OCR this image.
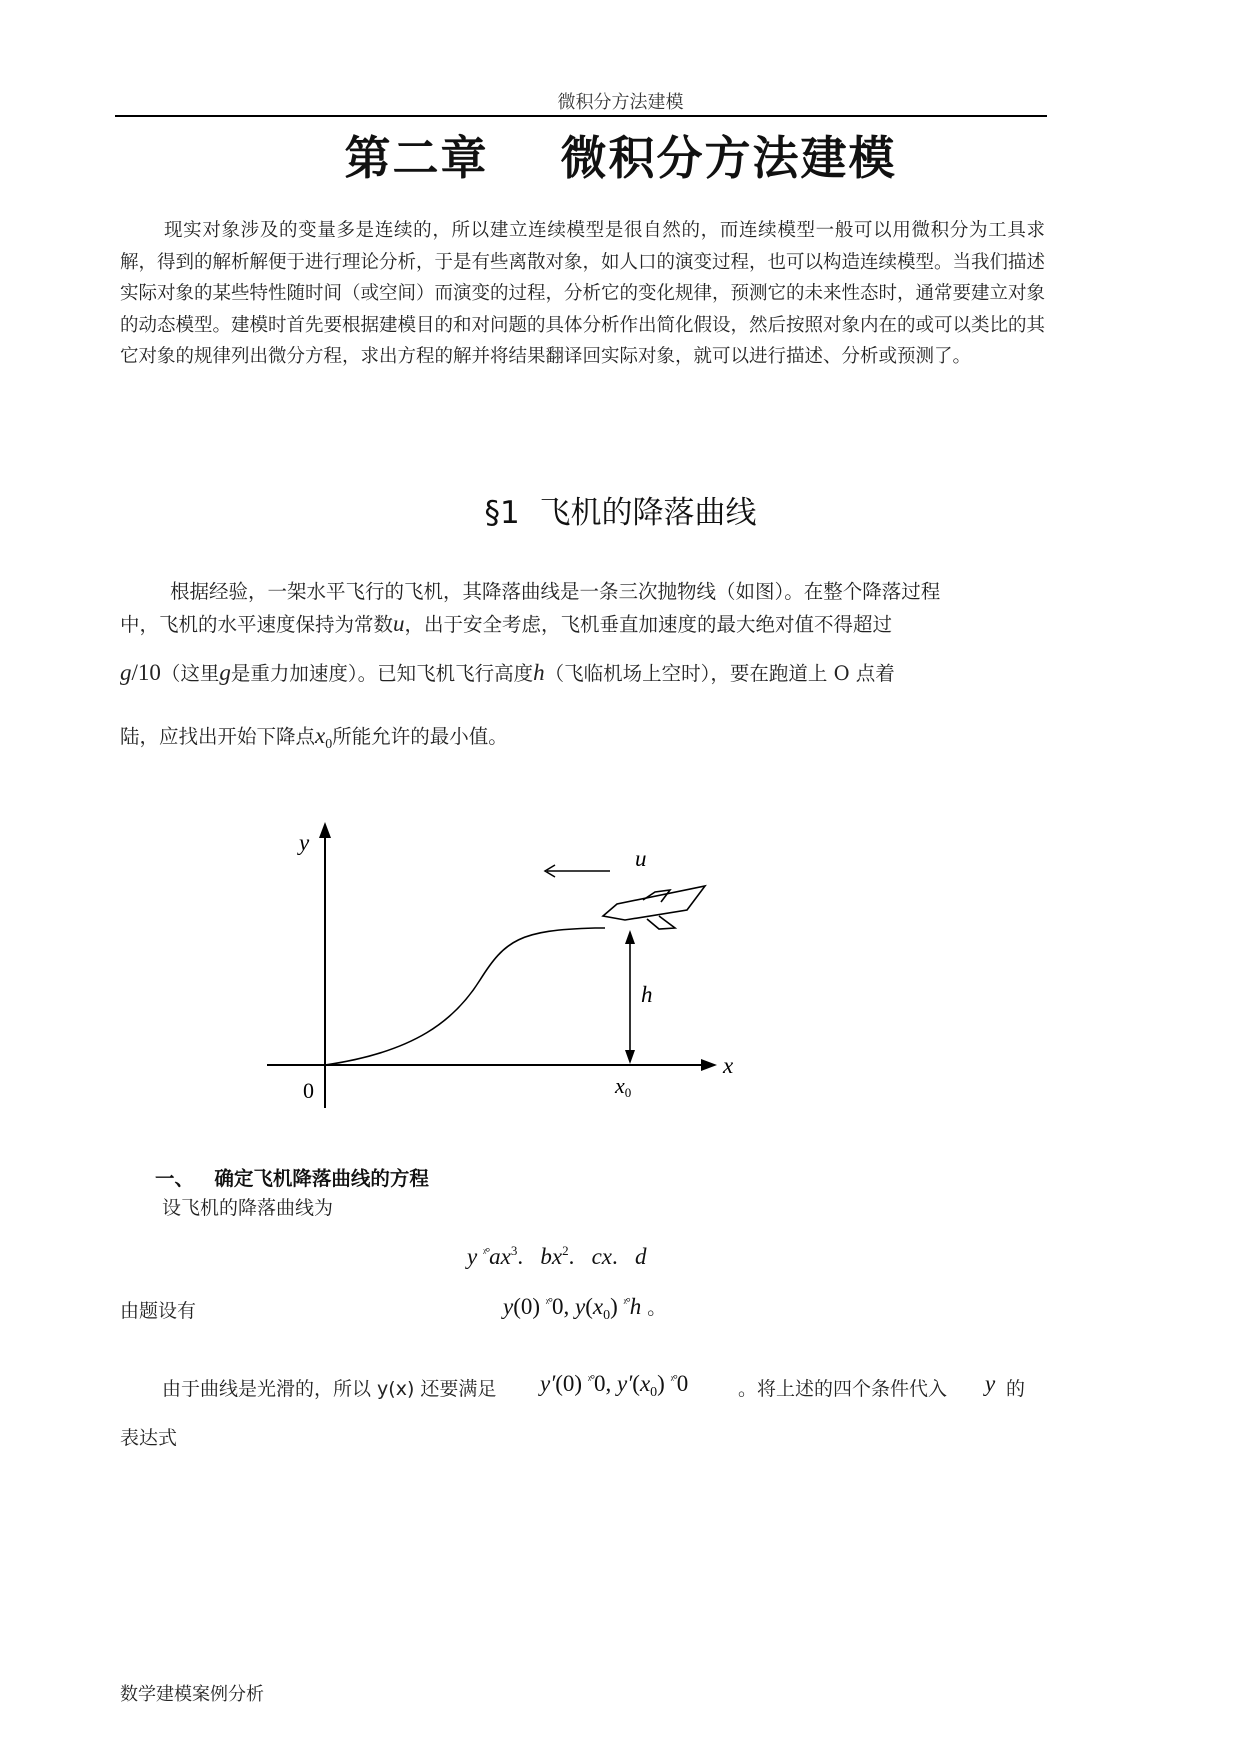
微积分方法建模
第二章    微积分方法建模

现实对象涉及的变量多是连续的，所以建立连续模型是很自然的，而连续模型一般可以用微积分为工具求解，得到的解析解便于进行理论分析，于是有些离散对象，如人口的演变过程，也可以构造连续模型。当我们描述实际对象的某些特性随时间（或空间）而演变的过程，分析它的变化规律，预测它的未来性态时，通常要建立对象的动态模型。建模时首先要根据建模目的和对问题的具体分析作出简化假设，然后按照对象内在的或可以类比的其它对象的规律列出微分方程，求出方程的解并将结果翻译回实际对象，就可以进行描述、分析或预测了。

§1  飞机的降落曲线

根据经验，一架水平飞行的飞机，其降落曲线是一条三次抛物线（如图）。在整个降落过程

中，飞机的水平速度保持为常数u，出于安全考虑，飞机垂直加速度的最大绝对值不得超过

g/10（这里g是重力加速度）。已知飞机飞行高度h（飞临机场上空时），要在跑道上 O 点着

陆，应找出开始下降点$x_0$所能允许的最小值。

y
x
0
u
h
x0
一、   确定飞机降落曲线的方程
设飞机的降落曲线为
y $^{ᵡ^\circ}ax^3$. $bx^2$. cx. d
由题设有	y(0) $^{ᵡ^\circ}$0, $y(x_0)$ $^{ᵡ^\circ}$h 。
由于曲线是光滑的，所以 y(x) 还要满足 y′(0) $^{ᵡ^\circ}$0, $y'(x_0)$ $^{ᵡ^\circ}$0	。将上述的四个条件代入 y 的
表达式
数学建模案例分析
